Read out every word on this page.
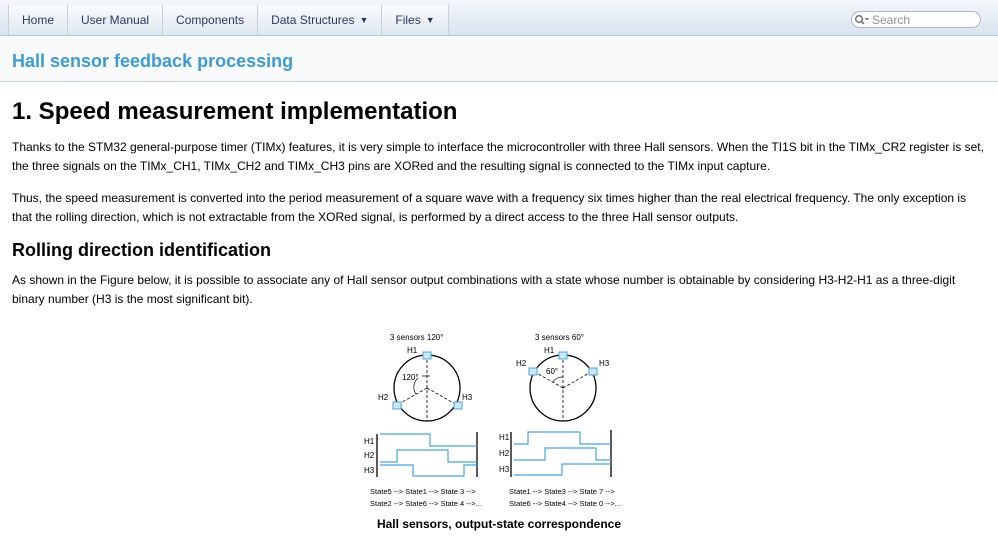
Home User Manual Components Data Structures ▼ Files ▼
Search
Hall sensor feedback processing
1. Speed measurement implementation

Thanks to the STM32 general-purpose timer (TIMx) features, it is very simple to interface the microcontroller with three Hall sensors. When the TI1S bit in the TIMx_CR2 register is set, the three signals on the TIMx_CH1, TIMx_CH2 and TIMx_CH3 pins are XORed and the resulting signal is connected to the TIMx input capture.

Thus, the speed measurement is converted into the period measurement of a square wave with a frequency six times higher than the real electrical frequency. The only exception is that the rolling direction, which is not extractable from the XORed signal, is performed by a direct access to the three Hall sensor outputs.

Rolling direction identification

As shown in the Figure below, it is possible to associate any of Hall sensor output combinations with a state whose number is obtainable by considering H3-H2-H1 as a three-digit binary number (H3 is the most significant bit).

3 sensors 120°
H1
120°
H2	H3
H1
H2
H3
State5 --> State1 --> State 3 -->
State2 --> State6 --> State 4 -->...
3 sensors 60°
H1
60°
H2	H3
H1
H2
H3
State1 --> State3 --> State 7 -->
State6 --> State4 --> State 0 -->...
Hall sensors, output-state correspondence
